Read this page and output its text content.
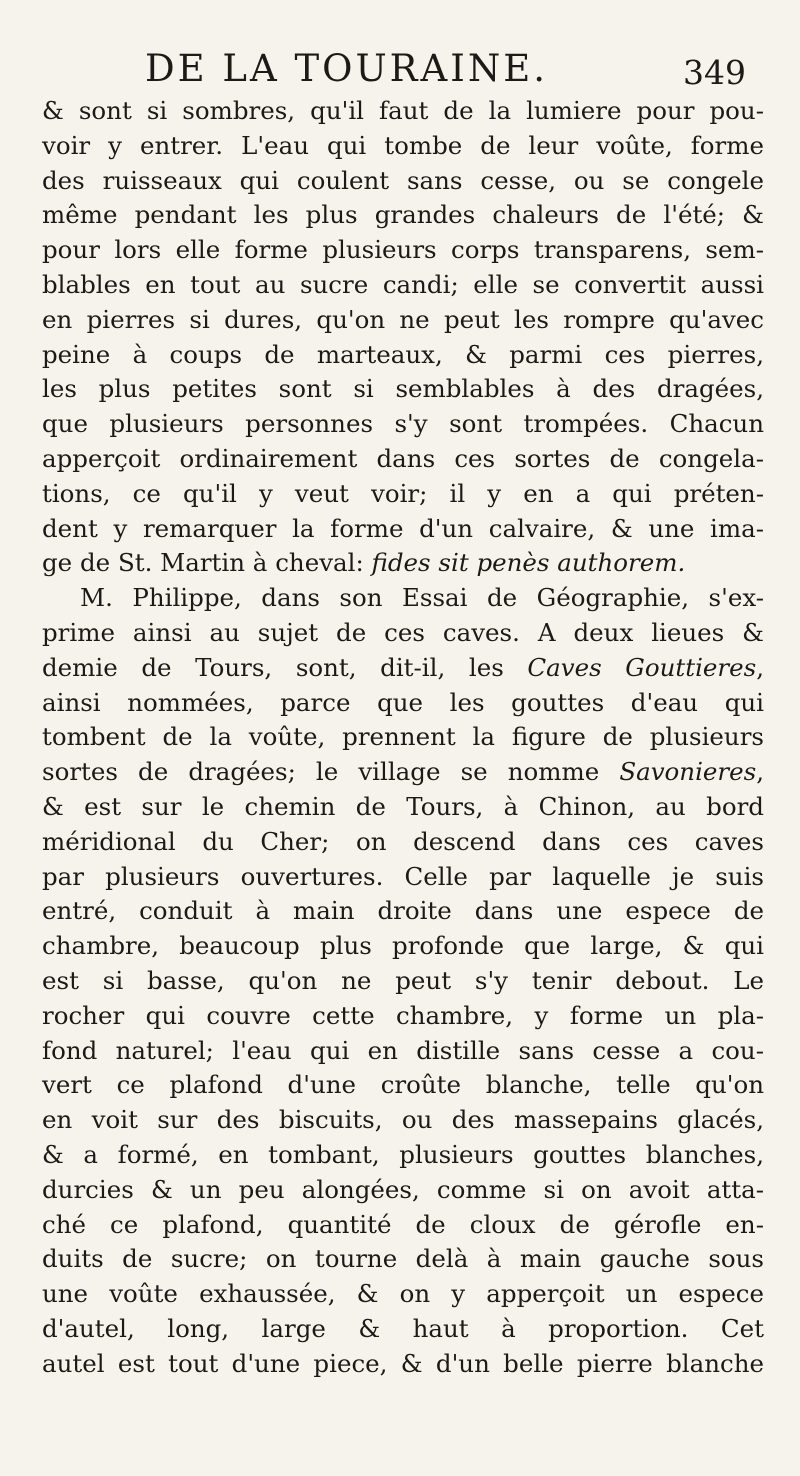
DE LA TOURAINE.	349
& sont si sombres, qu'il faut de la lumiere pour pou-
voir y entrer. L'eau qui tombe de leur voûte, forme
des ruisseaux qui coulent sans cesse, ou se congele
même pendant les plus grandes chaleurs de l'été; &
pour lors elle forme plusieurs corps transparens, sem-
blables en tout au sucre candi; elle se convertit aussi
en pierres si dures, qu'on ne peut les rompre qu'avec
peine à coups de marteaux, & parmi ces pierres,
les plus petites sont si semblables à des dragées,
que plusieurs personnes s'y sont trompées. Chacun
apperçoit ordinairement dans ces sortes de congela-
tions, ce qu'il y veut voir; il y en a qui préten-
dent y remarquer la forme d'un calvaire, & une ima-
ge de St. Martin à cheval: fides sit penès authorem.
M. Philippe, dans son Essai de Géographie, s'ex-
prime ainsi au sujet de ces caves. A deux lieues &
demie de Tours, sont, dit-il, les Caves Gouttieres,
ainsi nommées, parce que les gouttes d'eau qui
tombent de la voûte, prennent la figure de plusieurs
sortes de dragées; le village se nomme Savonieres,
& est sur le chemin de Tours, à Chinon, au bord
méridional du Cher; on descend dans ces caves
par plusieurs ouvertures. Celle par laquelle je suis
entré, conduit à main droite dans une espece de
chambre, beaucoup plus profonde que large, & qui
est si basse, qu'on ne peut s'y tenir debout. Le
rocher qui couvre cette chambre, y forme un pla-
fond naturel; l'eau qui en distille sans cesse a cou-
vert ce plafond d'une croûte blanche, telle qu'on
en voit sur des biscuits, ou des massepains glacés,
& a formé, en tombant, plusieurs gouttes blanches,
durcies & un peu alongées, comme si on avoit atta-
ché ce plafond, quantité de cloux de gérofle en-
duits de sucre; on tourne delà à main gauche sous
une voûte exhaussée, & on y apperçoit un espece
d'autel, long, large & haut à proportion. Cet
autel est tout d'une piece, & d'un belle pierre blanche
